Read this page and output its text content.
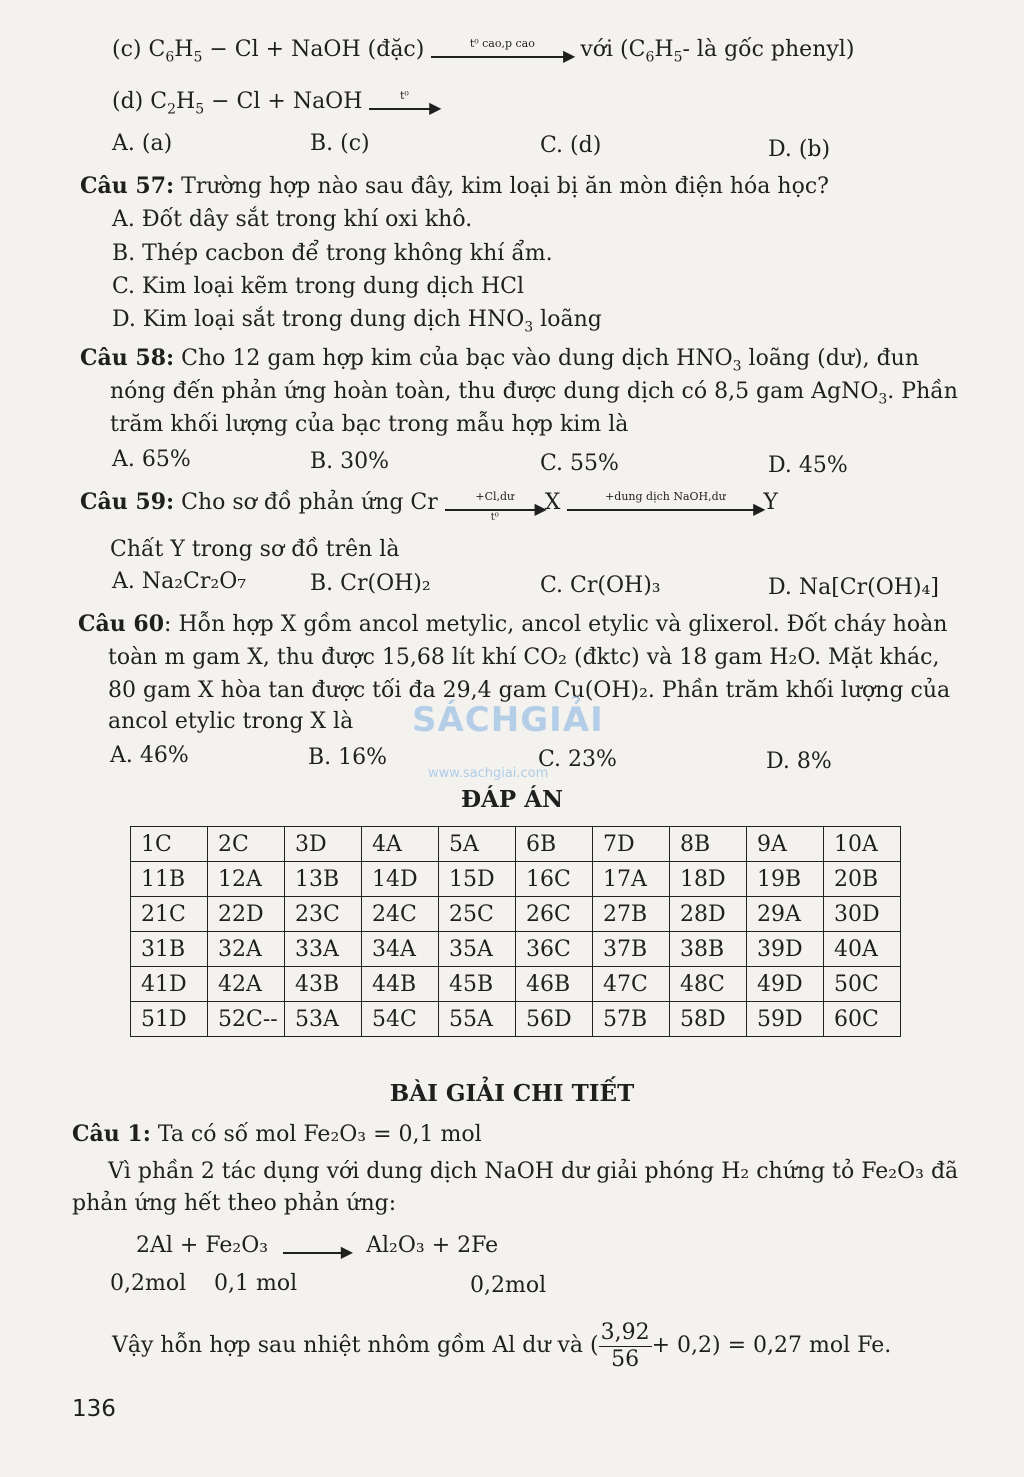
(c) $C_6H_5 - Cl$ + NaOH (đặc)	t⁰ cao,p cao
▶
với ($C_6H_5-$ là gốc phenyl)
(d) $C_2H_5 - Cl$ + NaOH	t⁰
▶
A. (a)	B. (c)	C. (d)	D. (b)
Câu 57: Trường hợp nào sau đây, kim loại bị ăn mòn điện hóa học?
A. Đốt dây sắt trong khí oxi khô.
B. Thép cacbon để trong không khí ẩm.
C. Kim loại kẽm trong dung dịch HCl
D. Kim loại sắt trong dung dịch $HNO_3$ loãng
Câu 58: Cho 12 gam hợp kim của bạc vào dung dịch $HNO_3$ loãng (dư), đun
nóng đến phản ứng hoàn toàn, thu được dung dịch có 8,5 gam AgNO$_3$. Phần
trăm khối lượng của bạc trong mẫu hợp kim là
A. 65%	B. 30%	C. 55%	D. 45%
Câu 59: Cho sơ đồ phản ứng Cr	+Cl,dư
▶
t⁰
X	+dung dịch NaOH,dư
▶
Y
Chất Y trong sơ đồ trên là
A. Na₂Cr₂O₇	B. Cr(OH)₂	C. Cr(OH)₃	D. Na[Cr(OH)₄]
Câu 60: Hỗn hợp X gồm ancol metylic, ancol etylic và glixerol. Đốt cháy hoàn
toàn m gam X, thu được 15,68 lít khí CO₂ (đktc) và 18 gam H₂O. Mặt khác,
80 gam X hòa tan được tối đa 29,4 gam Cu(OH)₂. Phần trăm khối lượng của
ancol etylic trong X là
A. 46%	B. 16%	C. 23%	D. 8%
SÁCHGIẢI
www.sachgiai.com
ĐÁP ÁN
1C	2C	3D	4A	5A	6B	7D	8B	9A	10A
11B	12A	13B	14D	15D	16C	17A	18D	19B	20B
21C	22D	23C	24C	25C	26C	27B	28D	29A	30D
31B	32A	33A	34A	35A	36C	37B	38B	39D	40A
41D	42A	43B	44B	45B	46B	47C	48C	49D	50C
51D	52C--	53A	54C	55A	56D	57B	58D	59D	60C
BÀI GIẢI CHI TIẾT
Câu 1: Ta có số mol Fe₂O₃ = 0,1 mol
Vì phần 2 tác dụng với dung dịch NaOH dư giải phóng H₂ chứng tỏ Fe₂O₃ đã
phản ứng hết theo phản ứng:
2Al + Fe₂O₃	▶ Al₂O₃ + 2Fe
0,2mol 0,1 mol	0,2mol
Vậy hỗn hợp sau nhiệt nhôm gồm Al dư và ( $\frac{3,92}{56} + 0,2) = 0,27$ mol Fe.
136
